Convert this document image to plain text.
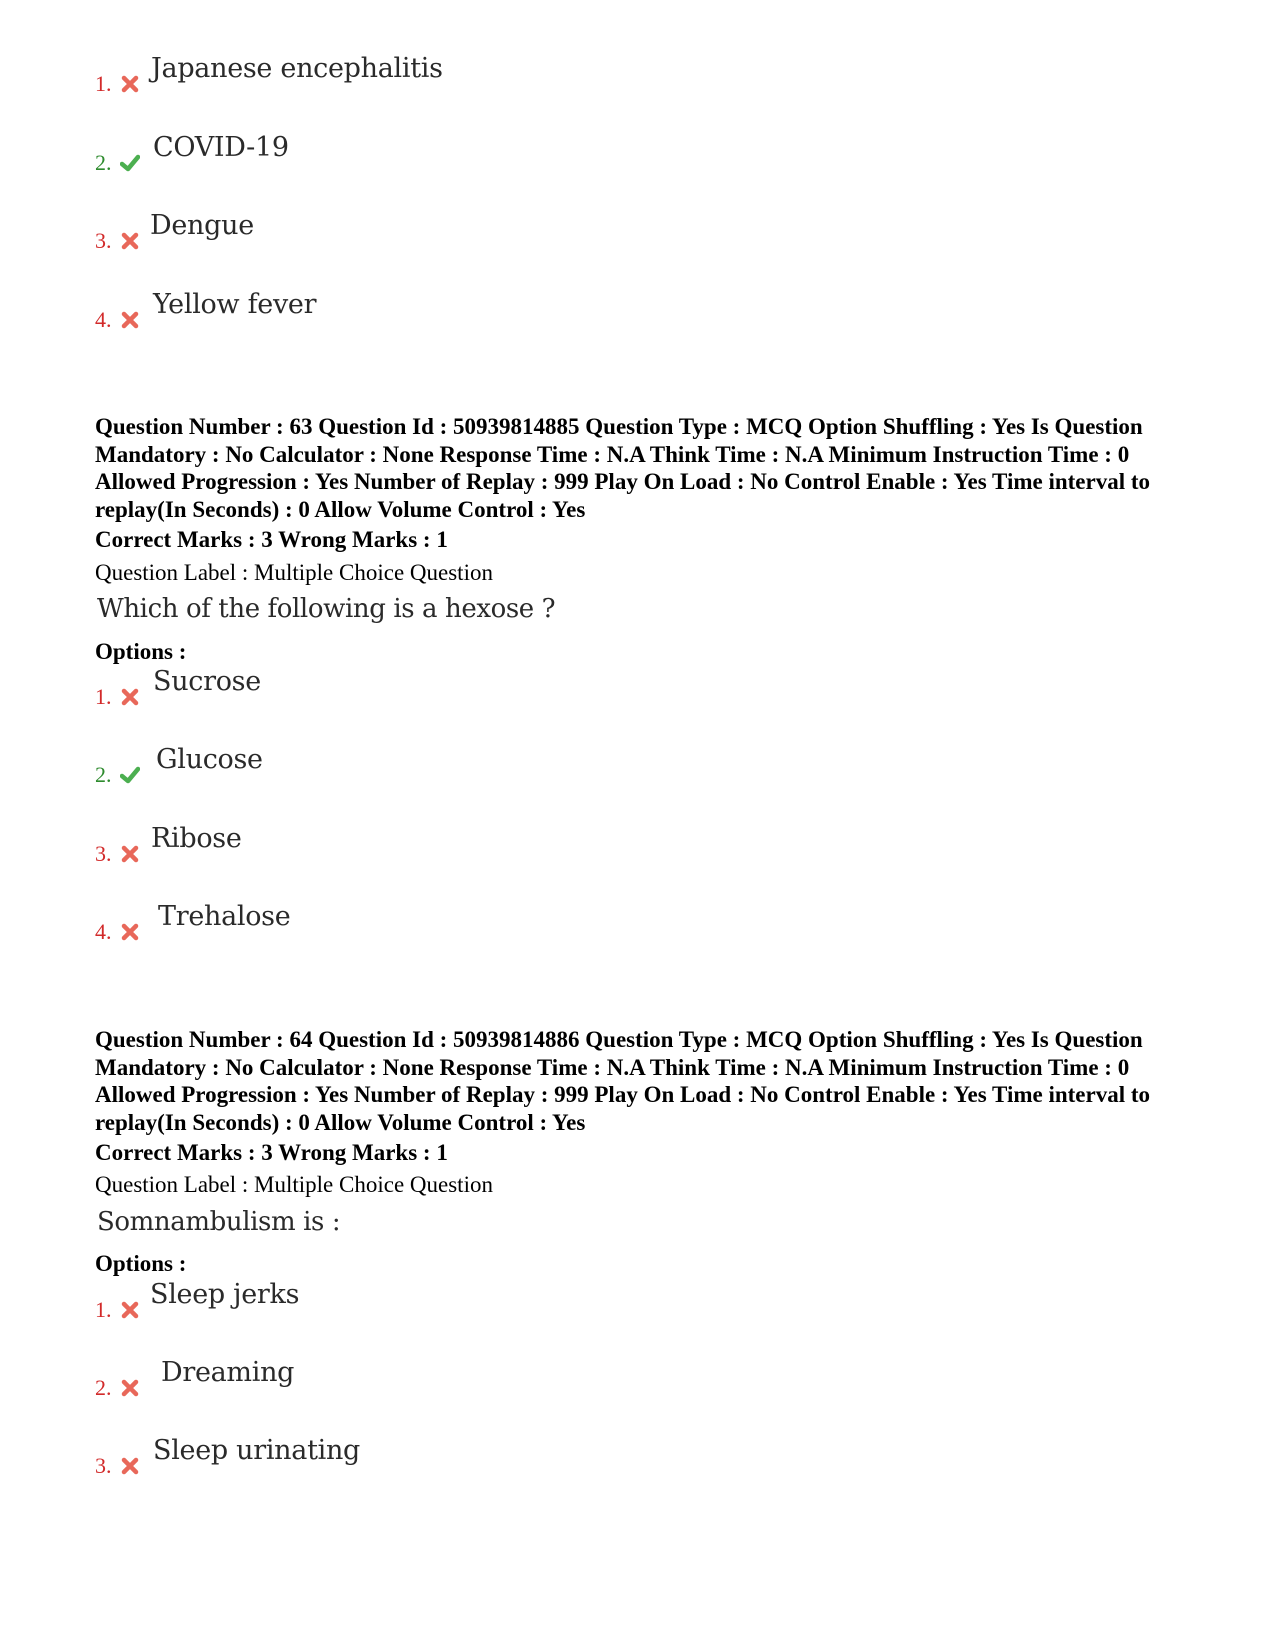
1. Japanese encephalitis
2. COVID-19
3. Dengue
4. Yellow fever
Question Number : 63 Question Id : 50939814885 Question Type : MCQ Option Shuffling : Yes Is Question Mandatory : No Calculator : None Response Time : N.A Think Time : N.A Minimum Instruction Time : 0 Allowed Progression : Yes Number of Replay : 999 Play On Load : No Control Enable : Yes Time interval to replay(In Seconds) : 0 Allow Volume Control : Yes
Correct Marks : 3 Wrong Marks : 1
Question Label : Multiple Choice Question
Which of the following is a hexose ?
Options :
1. Sucrose
2. Glucose
3. Ribose
4. Trehalose
Question Number : 64 Question Id : 50939814886 Question Type : MCQ Option Shuffling : Yes Is Question Mandatory : No Calculator : None Response Time : N.A Think Time : N.A Minimum Instruction Time : 0 Allowed Progression : Yes Number of Replay : 999 Play On Load : No Control Enable : Yes Time interval to replay(In Seconds) : 0 Allow Volume Control : Yes
Correct Marks : 3 Wrong Marks : 1
Question Label : Multiple Choice Question
Somnambulism is :
Options :
1. Sleep jerks
2. Dreaming
3. Sleep urinating
